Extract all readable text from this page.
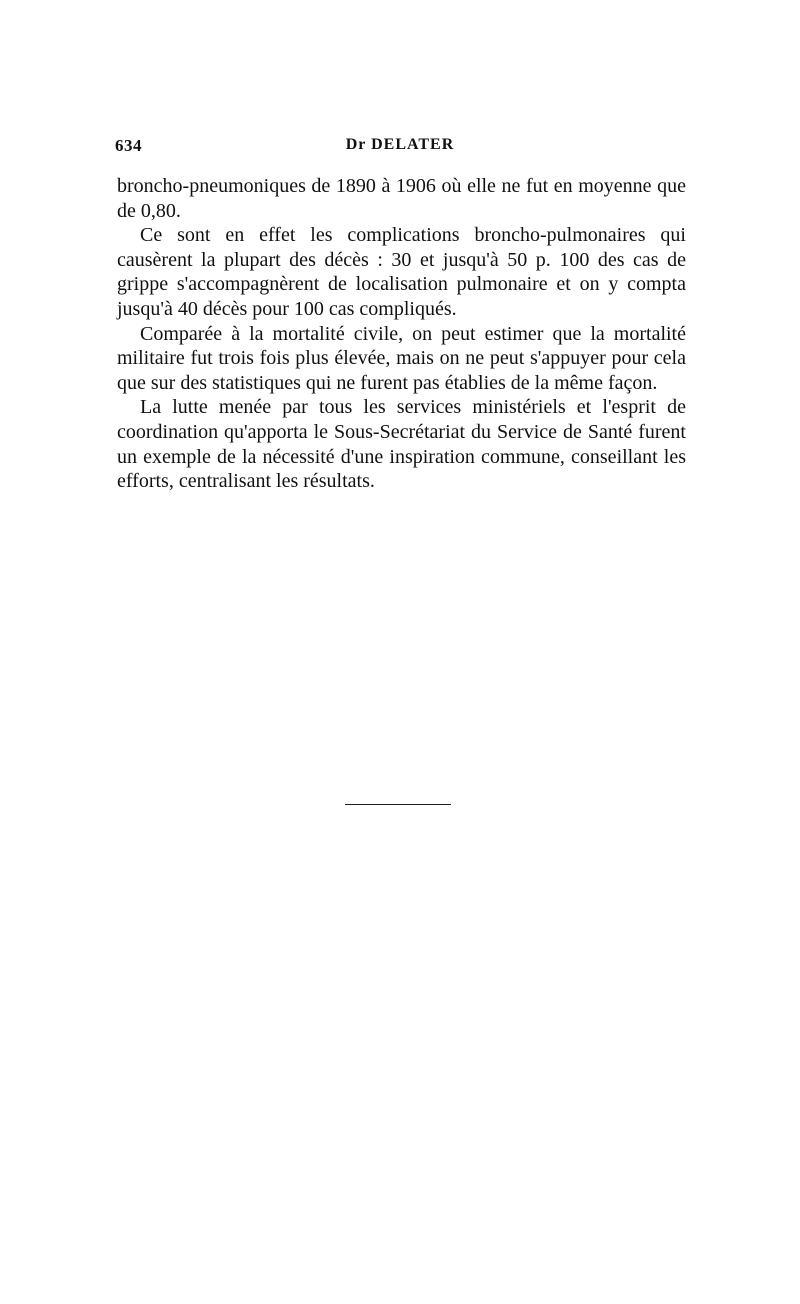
634	Dr DELATER

broncho-pneumoniques de 1890 à 1906 où elle ne fut en moyenne que de 0,80.

Ce sont en effet les complications broncho-pulmonaires qui causèrent la plupart des décès : 30 et jusqu'à 50 p. 100 des cas de grippe s'accompagnèrent de localisation pulmonaire et on y compta jusqu'à 40 décès pour 100 cas compliqués.

Comparée à la mortalité civile, on peut estimer que la mortalité militaire fut trois fois plus élevée, mais on ne peut s'appuyer pour cela que sur des statistiques qui ne furent pas établies de la même façon.

La lutte menée par tous les services ministériels et l'esprit de coordination qu'apporta le Sous-Secrétariat du Service de Santé furent un exemple de la nécessité d'une inspiration commune, conseillant les efforts, centralisant les résultats.
